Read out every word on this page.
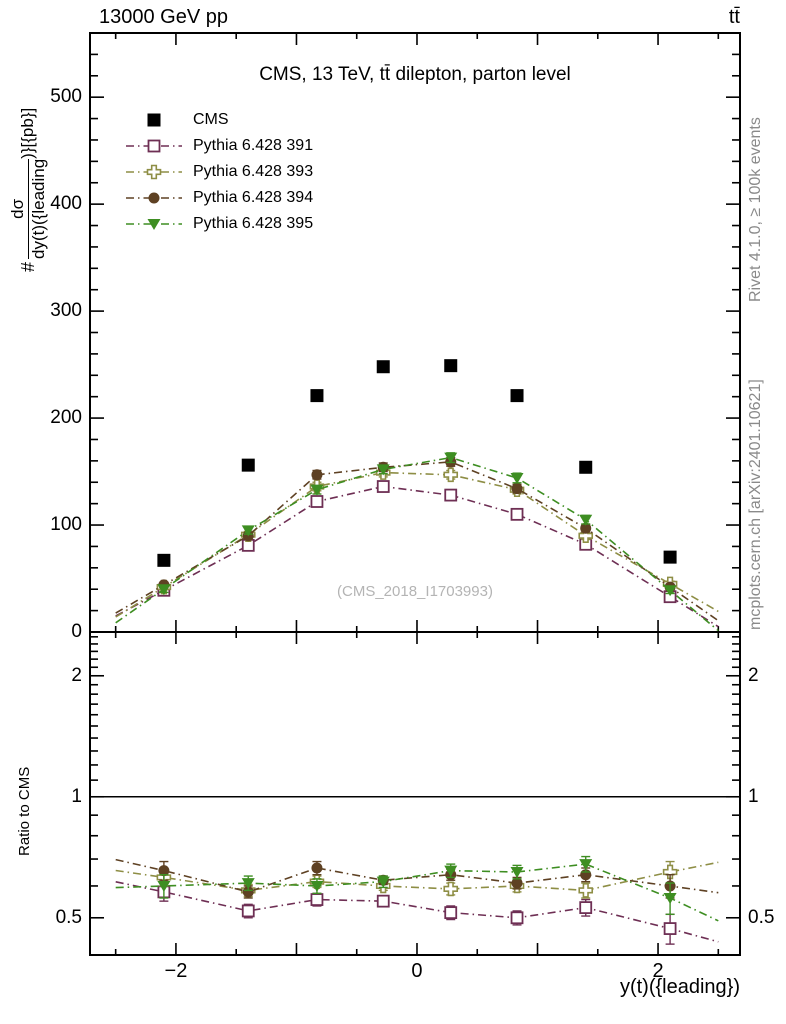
0
100
200
300
400
500
−2	0	2
0.5	0.5
1	1
2	2
13000 GeV pp	tt̄
CMS, 13 TeV, tt̄ dilepton, parton level
#
dσ dy(t)({leading
)}[{pb}]	CMS
Pythia 6.428 391
Pythia 6.428 393
Pythia 6.428 394
Pythia 6.428 395	Rivet 4.1.0, ≥ 100k events
mcplots.cern.ch [arXiv:2401.10621]
(CMS_2018_I1703993)
Ratio to CMS
y(t)({leading})
